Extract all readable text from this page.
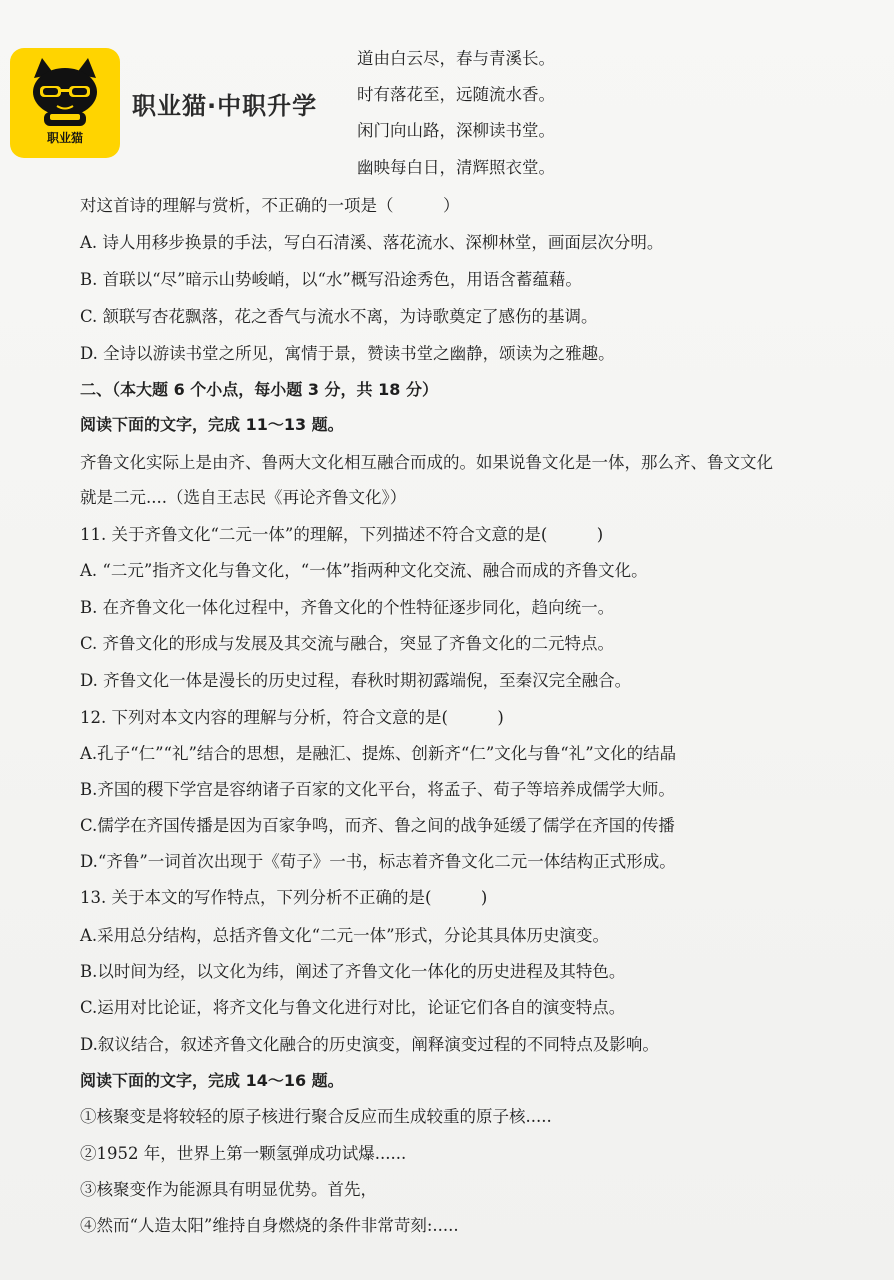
职业猫
职业猫·中职升学
道由白云尽，春与青溪长。
时有落花至，远随流水香。
闲门向山路，深柳读书堂。
幽映每白日，清辉照衣堂。
对这首诗的理解与赏析，不正确的一项是（　　　）
A. 诗人用移步换景的手法，写白石清溪、落花流水、深柳林堂，画面层次分明。
B. 首联以“尽”暗示山势峻峭，以“水”概写沿途秀色，用语含蓄蕴藉。
C. 颔联写杏花飘落，花之香气与流水不离，为诗歌奠定了感伤的基调。
D. 全诗以游读书堂之所见，寓情于景，赞读书堂之幽静，颂读为之雅趣。
二、（本大题 6 个小点，每小题 3 分，共 18 分）
阅读下面的文字，完成 11～13 题。
齐鲁文化实际上是由齐、鲁两大文化相互融合而成的。如果说鲁文化是一体，那么齐、鲁文文化
就是二元....（选自王志民《再论齐鲁文化》）
11. 关于齐鲁文化“二元一体”的理解，下列描述不符合文意的是(　　　)
A. “二元”指齐文化与鲁文化，“一体”指两种文化交流、融合而成的齐鲁文化。
B. 在齐鲁文化一体化过程中，齐鲁文化的个性特征逐步同化，趋向统一。
C. 齐鲁文化的形成与发展及其交流与融合，突显了齐鲁文化的二元特点。
D. 齐鲁文化一体是漫长的历史过程，春秋时期初露端倪，至秦汉完全融合。
12. 下列对本文内容的理解与分析，符合文意的是(　　　)
A.孔子“仁”“礼”结合的思想，是融汇、提炼、创新齐“仁”文化与鲁“礼”文化的结晶
B.齐国的稷下学宫是容纳诸子百家的文化平台，将孟子、荀子等培养成儒学大师。
C.儒学在齐国传播是因为百家争鸣，而齐、鲁之间的战争延缓了儒学在齐国的传播
D.“齐鲁”一词首次出现于《荀子》一书，标志着齐鲁文化二元一体结构正式形成。
13. 关于本文的写作特点，下列分析不正确的是(　　　)
A.采用总分结构，总括齐鲁文化“二元一体”形式，分论其具体历史演变。
B.以时间为经，以文化为纬，阐述了齐鲁文化一体化的历史进程及其特色。
C.运用对比论证，将齐文化与鲁文化进行对比，论证它们各自的演变特点。
D.叙议结合，叙述齐鲁文化融合的历史演变，阐释演变过程的不同特点及影响。
阅读下面的文字，完成 14～16 题。
①核聚变是将较轻的原子核进行聚合反应而生成较重的原子核.....
②1952 年，世界上第一颗氢弹成功试爆......
③核聚变作为能源具有明显优势。首先，
④然而“人造太阳”维持自身燃烧的条件非常苛刻:.....
